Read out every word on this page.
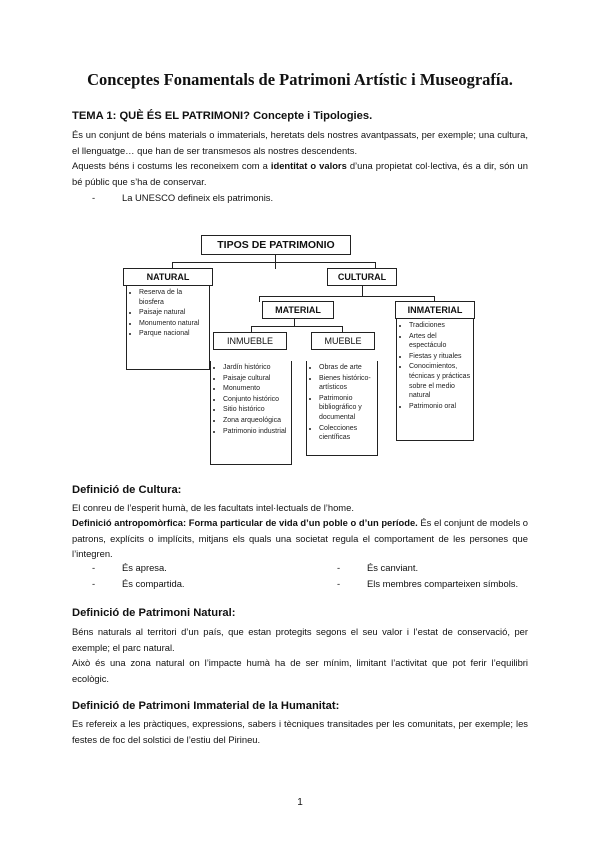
Conceptes Fonamentals de Patrimoni Artístic i Museografía.
TEMA 1: QUÈ ÉS EL PATRIMONI? Concepte i Tipologies.
És un conjunt de béns materials o immaterials, heretats dels nostres avantpassats, per exemple; una cultura, el llenguatge… que han de ser transmesos als nostres descendents.
Aquests béns i costums les reconeixem com a identitat o valors d’una propietat col·lectiva, és a dir, són un bé públic que s’ha de conservar.
-	La UNESCO defineix els patrimonis.
TIPOS DE PATRIMONIO
NATURAL
• Reserva de la biosfera
• Paisaje natural
• Monumento natural
• Parque nacional
CULTURAL
MATERIAL	INMATERIAL
• Tradiciones
• Artes del espectáculo
• Fiestas y rituales
• Conocimientos, técnicas y prácticas sobre el medio natural
• Patrimonio oral
INMUEBLE
• Jardín histórico
• Paisaje cultural
• Monumento
• Conjunto histórico
• Sitio histórico
• Zona arqueológica
• Patrimonio industrial
MUEBLE
• Obras de arte
• Bienes histórico-artísticos
• Patrimonio bibliográfico y documental
• Colecciones científicas
Definició de Cultura:
El conreu de l’esperit humà, de les facultats intel·lectuals de l’home.
Definició antropomòrfica: Forma particular de vida d’un poble o d’un període. És el conjunt de models o patrons, explícits o implícits, mitjans els quals una societat regula el comportament de les persones que l’integren.
-	És apresa.
-	És compartida.
-	És canviant.
-	Els membres comparteixen símbols.
Definició de Patrimoni Natural:
Béns naturals al territori d’un país, que estan protegits segons el seu valor i l’estat de conservació, per exemple; el parc natural.
Això és una zona natural on l’impacte humà ha de ser mínim, limitant l’activitat que pot ferir l’equilibri ecològic.
Definició de Patrimoni Immaterial de la Humanitat:
Es refereix a les pràctiques, expressions, sabers i tècniques transitades per les comunitats, per exemple; les festes de foc del solstici de l’estiu del Pirineu.
1
